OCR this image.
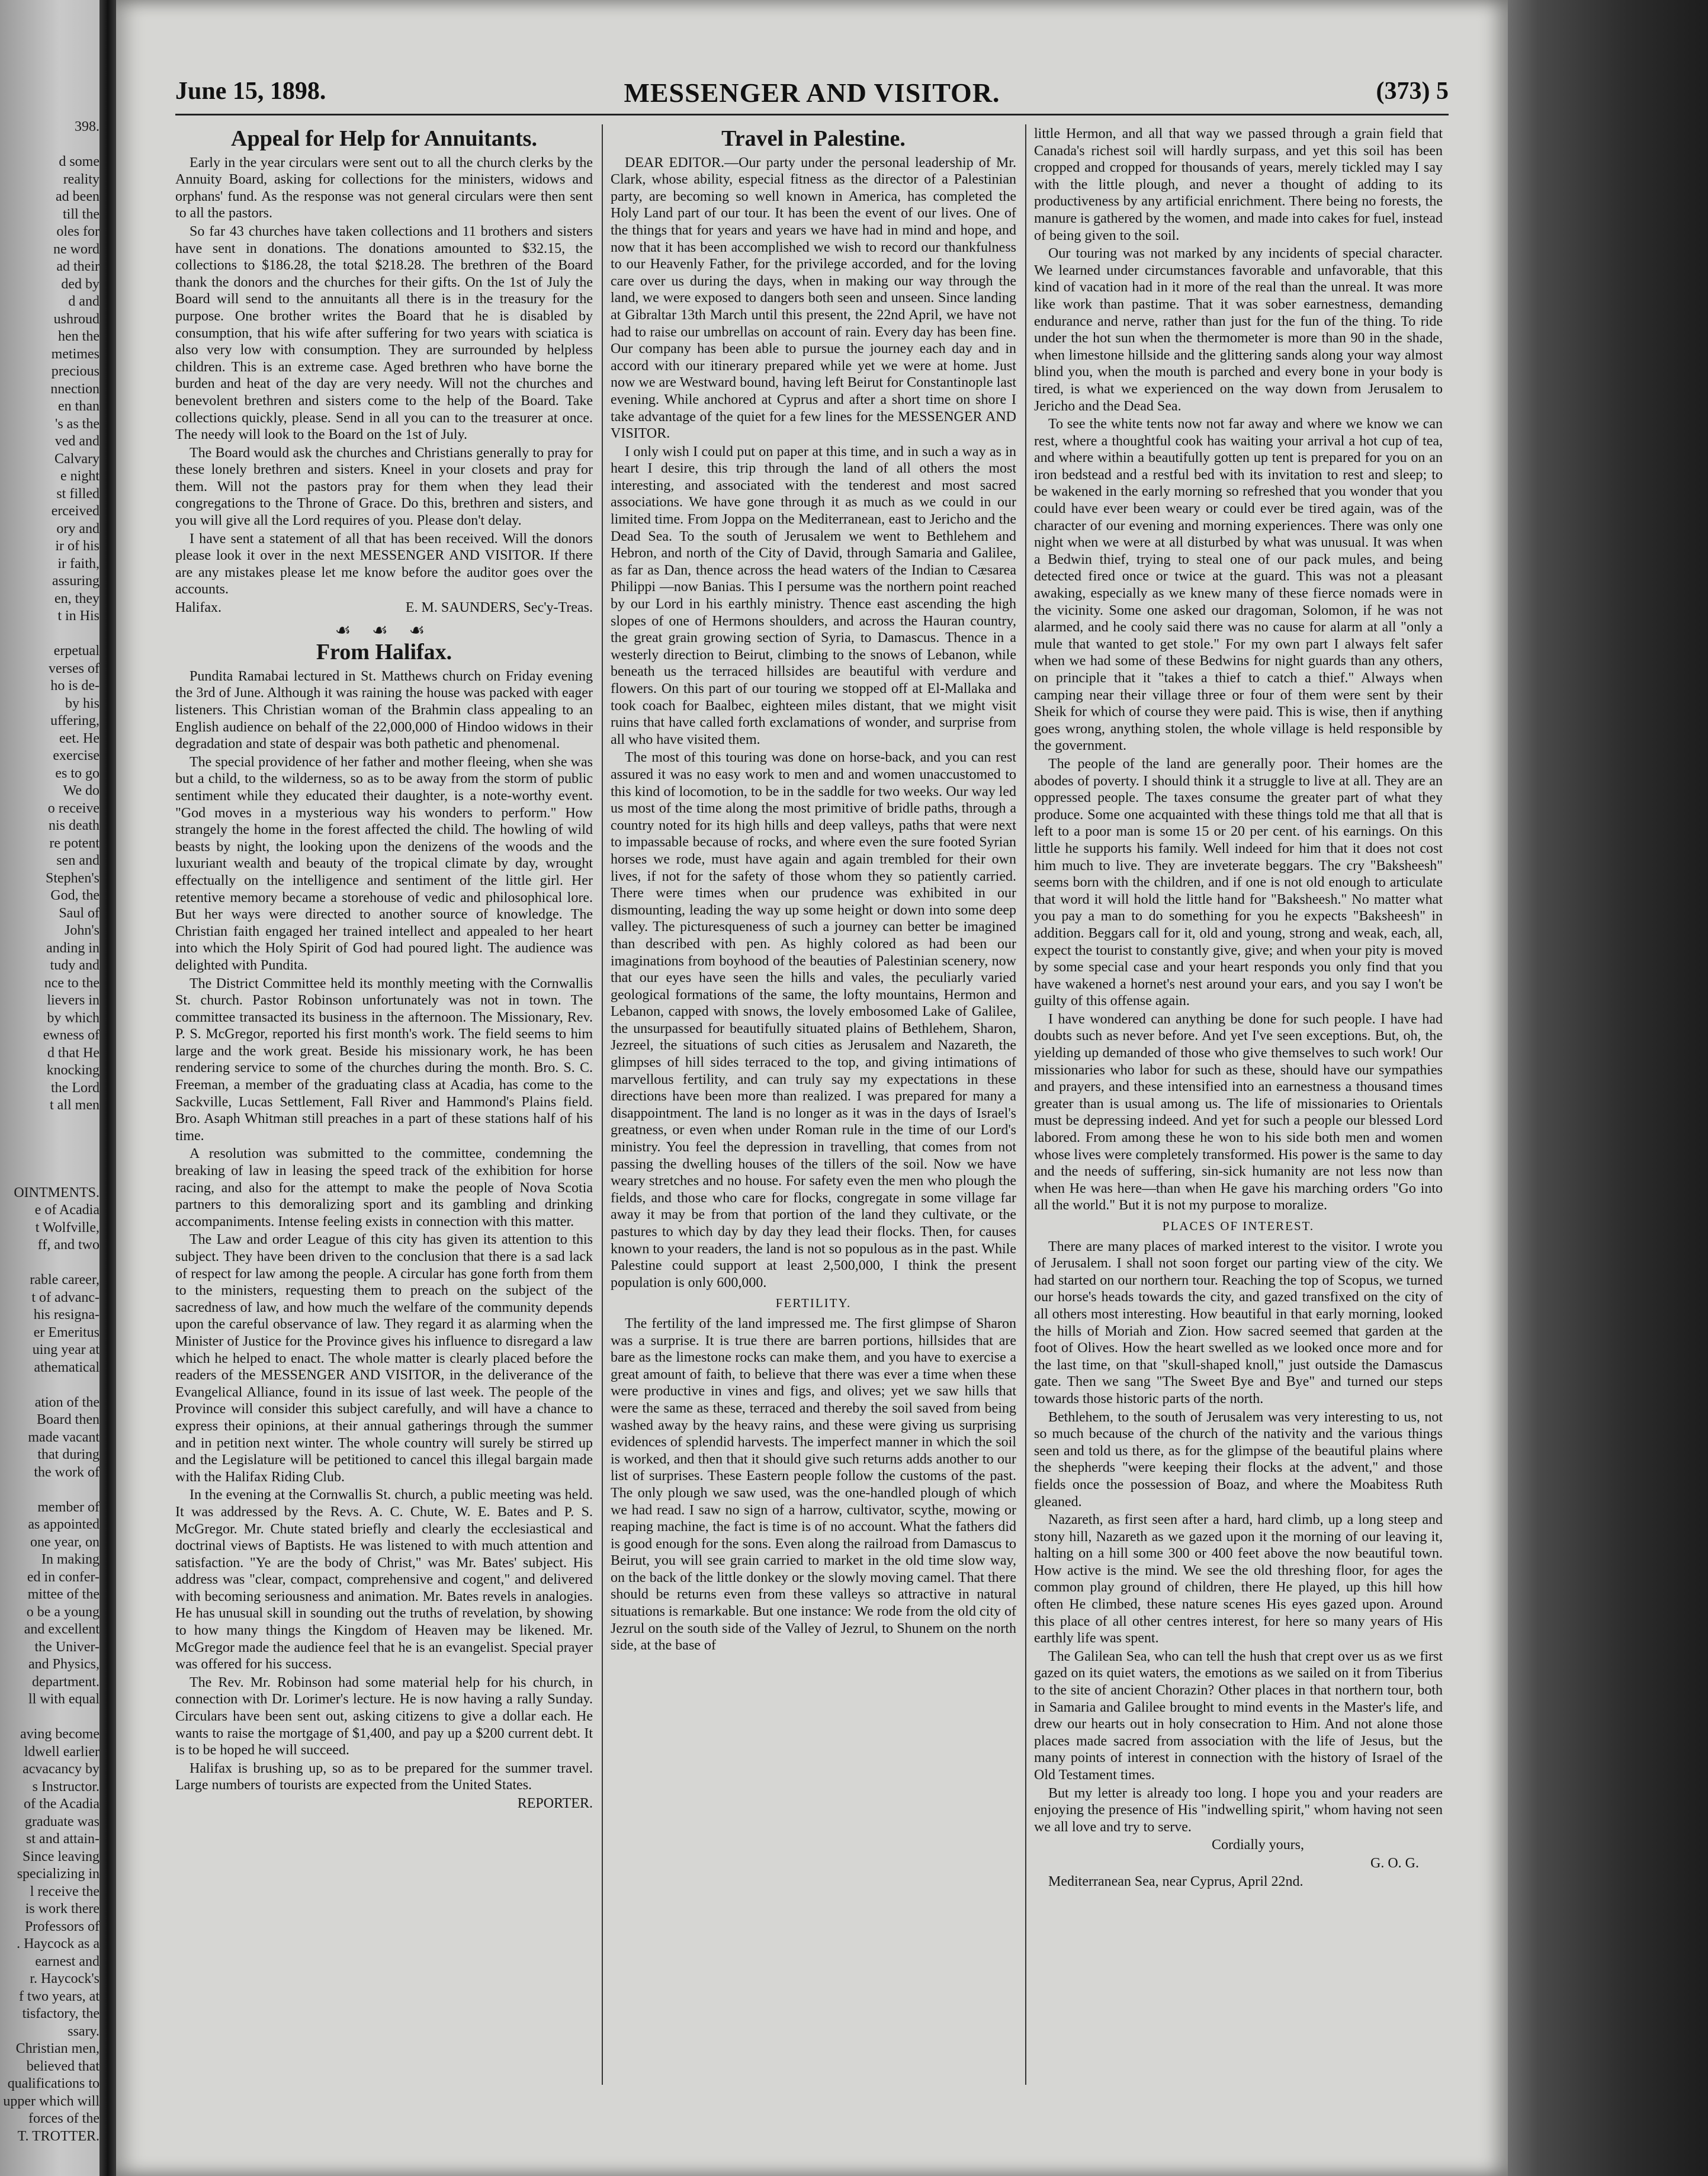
398.
d some
reality
ad been
till the
oles for
ne word
ad their
ded by
d and
ushroud
hen the
metimes
precious
nnection
en than
's as the
ved and
Calvary
e night
st filled
erceived
ory and
ir of his
ir faith,
assuring
en, they
t in His
erpetual
verses of
ho is de-
by his
uffering,
eet. He
exercise
es to go
We do
o receive
nis death
re potent
sen and
Stephen's
God, the
Saul of
John's
anding in
tudy and
nce to the
lievers in
by which
ewness of
d that He
knocking
the Lord
t all men
OINTMENTS.
e of Acadia
t Wolfville,
ff, and two
rable career,
t of advanc-
his resigna-
er Emeritus
uing year at
athematical
ation of the
Board then
made vacant
that during
the work of
member of
as appointed
one year, on
In making
ed in confer-
mittee of the
o be a young
and excellent
the Univer-
and Physics,
department.
ll with equal
aving become
ldwell earlier
acvacancy by
s Instructor.
of the Acadia
graduate was
st and attain-
Since leaving
specializing in
l receive the
is work there
Professors of
. Haycock as a
earnest and
r. Haycock's
f two years, at
tisfactory, the
ssary.
Christian men,
believed that
qualifications to
upper which will
forces of the
T. TROTTER.
June 15, 1898.	MESSENGER AND VISITOR.	(373) 5
Appeal for Help for Annuitants.

Early in the year circulars were sent out to all the church clerks by the Annuity Board, asking for collections for the ministers, widows and orphans' fund. As the response was not general circulars were then sent to all the pastors.

So far 43 churches have taken collections and 11 brothers and sisters have sent in donations. The donations amounted to $32.15, the collections to $186.28, the total $218.28. The brethren of the Board thank the donors and the churches for their gifts. On the 1st of July the Board will send to the annuitants all there is in the treasury for the purpose. One brother writes the Board that he is disabled by consumption, that his wife after suffering for two years with sciatica is also very low with consumption. They are surrounded by helpless children. This is an extreme case. Aged brethren who have borne the burden and heat of the day are very needy. Will not the churches and benevolent brethren and sisters come to the help of the Board. Take collections quickly, please. Send in all you can to the treasurer at once. The needy will look to the Board on the 1st of July.

The Board would ask the churches and Christians generally to pray for these lonely brethren and sisters. Kneel in your closets and pray for them. Will not the pastors pray for them when they lead their congregations to the Throne of Grace. Do this, brethren and sisters, and you will give all the Lord requires of you. Please don't delay.

I have sent a statement of all that has been received. Will the donors please look it over in the next MESSENGER AND VISITOR. If there are any mistakes please let me know before the auditor goes over the accounts.

Halifax.	E. M. SAUNDERS, Sec'y-Treas.

☙ ☙ ☙
From Halifax.

Pundita Ramabai lectured in St. Matthews church on Friday evening the 3rd of June. Although it was raining the house was packed with eager listeners. This Christian woman of the Brahmin class appealing to an English audience on behalf of the 22,000,000 of Hindoo widows in their degradation and state of despair was both pathetic and phenomenal.

The special providence of her father and mother fleeing, when she was but a child, to the wilderness, so as to be away from the storm of public sentiment while they educated their daughter, is a note-worthy event. "God moves in a mysterious way his wonders to perform." How strangely the home in the forest affected the child. The howling of wild beasts by night, the looking upon the denizens of the woods and the luxuriant wealth and beauty of the tropical climate by day, wrought effectually on the intelligence and sentiment of the little girl. Her retentive memory became a storehouse of vedic and philosophical lore. But her ways were directed to another source of knowledge. The Christian faith engaged her trained intellect and appealed to her heart into which the Holy Spirit of God had poured light. The audience was delighted with Pundita.

The District Committee held its monthly meeting with the Cornwallis St. church. Pastor Robinson unfortunately was not in town. The committee transacted its business in the afternoon. The Missionary, Rev. P. S. McGregor, reported his first month's work. The field seems to him large and the work great. Beside his missionary work, he has been rendering service to some of the churches during the month. Bro. S. C. Freeman, a member of the graduating class at Acadia, has come to the Sackville, Lucas Settlement, Fall River and Hammond's Plains field. Bro. Asaph Whitman still preaches in a part of these stations half of his time.

A resolution was submitted to the committee, condemning the breaking of law in leasing the speed track of the exhibition for horse racing, and also for the attempt to make the people of Nova Scotia partners to this demoralizing sport and its gambling and drinking accompaniments. Intense feeling exists in connection with this matter.

The Law and order League of this city has given its attention to this subject. They have been driven to the conclusion that there is a sad lack of respect for law among the people. A circular has gone forth from them to the ministers, requesting them to preach on the subject of the sacredness of law, and how much the welfare of the community depends upon the careful observance of law. They regard it as alarming when the Minister of Justice for the Province gives his influence to disregard a law which he helped to enact. The whole matter is clearly placed before the readers of the MESSENGER AND VISITOR, in the deliverance of the Evangelical Alliance, found in its issue of last week. The people of the Province will consider this subject carefully, and will have a chance to express their opinions, at their annual gatherings through the summer and in petition next winter. The whole country will surely be stirred up and the Legislature will be petitioned to cancel this illegal bargain made with the Halifax Riding Club.

In the evening at the Cornwallis St. church, a public meeting was held. It was addressed by the Revs. A. C. Chute, W. E. Bates and P. S. McGregor. Mr. Chute stated briefly and clearly the ecclesiastical and doctrinal views of Baptists. He was listened to with much attention and satisfaction. "Ye are the body of Christ," was Mr. Bates' subject. His address was "clear, compact, comprehensive and cogent," and delivered with becoming seriousness and animation. Mr. Bates revels in analogies. He has unusual skill in sounding out the truths of revelation, by showing to how many things the Kingdom of Heaven may be likened. Mr. McGregor made the audience feel that he is an evangelist. Special prayer was offered for his success.

The Rev. Mr. Robinson had some material help for his church, in connection with Dr. Lorimer's lecture. He is now having a rally Sunday. Circulars have been sent out, asking citizens to give a dollar each. He wants to raise the mortgage of $1,400, and pay up a $200 current debt. It is to be hoped he will succeed.

Halifax is brushing up, so as to be prepared for the summer travel. Large numbers of tourists are expected from the United States.

REPORTER.

Travel in Palestine.

DEAR EDITOR.—Our party under the personal leadership of Mr. Clark, whose ability, especial fitness as the director of a Palestinian party, are becoming so well known in America, has completed the Holy Land part of our tour. It has been the event of our lives. One of the things that for years and years we have had in mind and hope, and now that it has been accomplished we wish to record our thankfulness to our Heavenly Father, for the privilege accorded, and for the loving care over us during the days, when in making our way through the land, we were exposed to dangers both seen and unseen. Since landing at Gibraltar 13th March until this present, the 22nd April, we have not had to raise our umbrellas on account of rain. Every day has been fine. Our company has been able to pursue the journey each day and in accord with our itinerary prepared while yet we were at home. Just now we are Westward bound, having left Beirut for Constantinople last evening. While anchored at Cyprus and after a short time on shore I take advantage of the quiet for a few lines for the MESSENGER AND VISITOR.

I only wish I could put on paper at this time, and in such a way as in heart I desire, this trip through the land of all others the most interesting, and associated with the tenderest and most sacred associations. We have gone through it as much as we could in our limited time. From Joppa on the Mediterranean, east to Jericho and the Dead Sea. To the south of Jerusalem we went to Bethlehem and Hebron, and north of the City of David, through Samaria and Galilee, as far as Dan, thence across the head waters of the Indian to Cæsarea Philippi —now Banias. This I persume was the northern point reached by our Lord in his earthly ministry. Thence east ascending the high slopes of one of Hermons shoulders, and across the Hauran country, the great grain growing section of Syria, to Damascus. Thence in a westerly direction to Beirut, climbing to the snows of Lebanon, while beneath us the terraced hillsides are beautiful with verdure and flowers. On this part of our touring we stopped off at El-Mallaka and took coach for Baalbec, eighteen miles distant, that we might visit ruins that have called forth exclamations of wonder, and surprise from all who have visited them.

The most of this touring was done on horse-back, and you can rest assured it was no easy work to men and and women unaccustomed to this kind of locomotion, to be in the saddle for two weeks. Our way led us most of the time along the most primitive of bridle paths, through a country noted for its high hills and deep valleys, paths that were next to impassable because of rocks, and where even the sure footed Syrian horses we rode, must have again and again trembled for their own lives, if not for the safety of those whom they so patiently carried. There were times when our prudence was exhibited in our dismounting, leading the way up some height or down into some deep valley. The picturesqueness of such a journey can better be imagined than described with pen. As highly colored as had been our imaginations from boyhood of the beauties of Palestinian scenery, now that our eyes have seen the hills and vales, the peculiarly varied geological formations of the same, the lofty mountains, Hermon and Lebanon, capped with snows, the lovely embosomed Lake of Galilee, the unsurpassed for beautifully situated plains of Bethlehem, Sharon, Jezreel, the situations of such cities as Jerusalem and Nazareth, the glimpses of hill sides terraced to the top, and giving intimations of marvellous fertility, and can truly say my expectations in these directions have been more than realized. I was prepared for many a disappointment. The land is no longer as it was in the days of Israel's greatness, or even when under Roman rule in the time of our Lord's ministry. You feel the depression in travelling, that comes from not passing the dwelling houses of the tillers of the soil. Now we have weary stretches and no house. For safety even the men who plough the fields, and those who care for flocks, congregate in some village far away it may be from that portion of the land they cultivate, or the pastures to which day by day they lead their flocks. Then, for causes known to your readers, the land is not so populous as in the past. While Palestine could support at least 2,500,000, I think the present population is only 600,000.

FERTILITY.

The fertility of the land impressed me. The first glimpse of Sharon was a surprise. It is true there are barren portions, hillsides that are bare as the limestone rocks can make them, and you have to exercise a great amount of faith, to believe that there was ever a time when these were productive in vines and figs, and olives; yet we saw hills that were the same as these, terraced and thereby the soil saved from being washed away by the heavy rains, and these were giving us surprising evidences of splendid harvests. The imperfect manner in which the soil is worked, and then that it should give such returns adds another to our list of surprises. These Eastern people follow the customs of the past. The only plough we saw used, was the one-handled plough of which we had read. I saw no sign of a harrow, cultivator, scythe, mowing or reaping machine, the fact is time is of no account. What the fathers did is good enough for the sons. Even along the railroad from Damascus to Beirut, you will see grain carried to market in the old time slow way, on the back of the little donkey or the slowly moving camel. That there should be returns even from these valleys so attractive in natural situations is remarkable. But one instance: We rode from the old city of Jezrul on the south side of the Valley of Jezrul, to Shunem on the north side, at the base of

little Hermon, and all that way we passed through a grain field that Canada's richest soil will hardly surpass, and yet this soil has been cropped and cropped for thousands of years, merely tickled may I say with the little plough, and never a thought of adding to its productiveness by any artificial enrichment. There being no forests, the manure is gathered by the women, and made into cakes for fuel, instead of being given to the soil.

Our touring was not marked by any incidents of special character. We learned under circumstances favorable and unfavorable, that this kind of vacation had in it more of the real than the unreal. It was more like work than pastime. That it was sober earnestness, demanding endurance and nerve, rather than just for the fun of the thing. To ride under the hot sun when the thermometer is more than 90 in the shade, when limestone hillside and the glittering sands along your way almost blind you, when the mouth is parched and every bone in your body is tired, is what we experienced on the way down from Jerusalem to Jericho and the Dead Sea.

To see the white tents now not far away and where we know we can rest, where a thoughtful cook has waiting your arrival a hot cup of tea, and where within a beautifully gotten up tent is prepared for you on an iron bedstead and a restful bed with its invitation to rest and sleep; to be wakened in the early morning so refreshed that you wonder that you could have ever been weary or could ever be tired again, was of the character of our evening and morning experiences. There was only one night when we were at all disturbed by what was unusual. It was when a Bedwin thief, trying to steal one of our pack mules, and being detected fired once or twice at the guard. This was not a pleasant awaking, especially as we knew many of these fierce nomads were in the vicinity. Some one asked our dragoman, Solomon, if he was not alarmed, and he cooly said there was no cause for alarm at all "only a mule that wanted to get stole." For my own part I always felt safer when we had some of these Bedwins for night guards than any others, on principle that it "takes a thief to catch a thief." Always when camping near their village three or four of them were sent by their Sheik for which of course they were paid. This is wise, then if anything goes wrong, anything stolen, the whole village is held responsible by the government.

The people of the land are generally poor. Their homes are the abodes of poverty. I should think it a struggle to live at all. They are an oppressed people. The taxes consume the greater part of what they produce. Some one acquainted with these things told me that all that is left to a poor man is some 15 or 20 per cent. of his earnings. On this little he supports his family. Well indeed for him that it does not cost him much to live. They are inveterate beggars. The cry "Baksheesh" seems born with the children, and if one is not old enough to articulate that word it will hold the little hand for "Baksheesh." No matter what you pay a man to do something for you he expects "Baksheesh" in addition. Beggars call for it, old and young, strong and weak, each, all, expect the tourist to constantly give, give; and when your pity is moved by some special case and your heart responds you only find that you have wakened a hornet's nest around your ears, and you say I won't be guilty of this offense again.

I have wondered can anything be done for such people. I have had doubts such as never before. And yet I've seen exceptions. But, oh, the yielding up demanded of those who give themselves to such work! Our missionaries who labor for such as these, should have our sympathies and prayers, and these intensified into an earnestness a thousand times greater than is usual among us. The life of missionaries to Orientals must be depressing indeed. And yet for such a people our blessed Lord labored. From among these he won to his side both men and women whose lives were completely transformed. His power is the same to day and the needs of suffering, sin-sick humanity are not less now than when He was here—than when He gave his marching orders "Go into all the world." But it is not my purpose to moralize.

PLACES OF INTEREST.

There are many places of marked interest to the visitor. I wrote you of Jerusalem. I shall not soon forget our parting view of the city. We had started on our northern tour. Reaching the top of Scopus, we turned our horse's heads towards the city, and gazed transfixed on the city of all others most interesting. How beautiful in that early morning, looked the hills of Moriah and Zion. How sacred seemed that garden at the foot of Olives. How the heart swelled as we looked once more and for the last time, on that "skull-shaped knoll," just outside the Damascus gate. Then we sang "The Sweet Bye and Bye" and turned our steps towards those historic parts of the north.

Bethlehem, to the south of Jerusalem was very interesting to us, not so much because of the church of the nativity and the various things seen and told us there, as for the glimpse of the beautiful plains where the shepherds "were keeping their flocks at the advent," and those fields once the possession of Boaz, and where the Moabitess Ruth gleaned.

Nazareth, as first seen after a hard, hard climb, up a long steep and stony hill, Nazareth as we gazed upon it the morning of our leaving it, halting on a hill some 300 or 400 feet above the now beautiful town. How active is the mind. We see the old threshing floor, for ages the common play ground of children, there He played, up this hill how often He climbed, these nature scenes His eyes gazed upon. Around this place of all other centres interest, for here so many years of His earthly life was spent.

The Galilean Sea, who can tell the hush that crept over us as we first gazed on its quiet waters, the emotions as we sailed on it from Tiberius to the site of ancient Chorazin? Other places in that northern tour, both in Samaria and Galilee brought to mind events in the Master's life, and drew our hearts out in holy consecration to Him. And not alone those places made sacred from association with the life of Jesus, but the many points of interest in connection with the history of Israel of the Old Testament times.

But my letter is already too long. I hope you and your readers are enjoying the presence of His "indwelling spirit," whom having not seen we all love and try to serve.

Cordially yours,

G. O. G.

Mediterranean Sea, near Cyprus, April 22nd.
